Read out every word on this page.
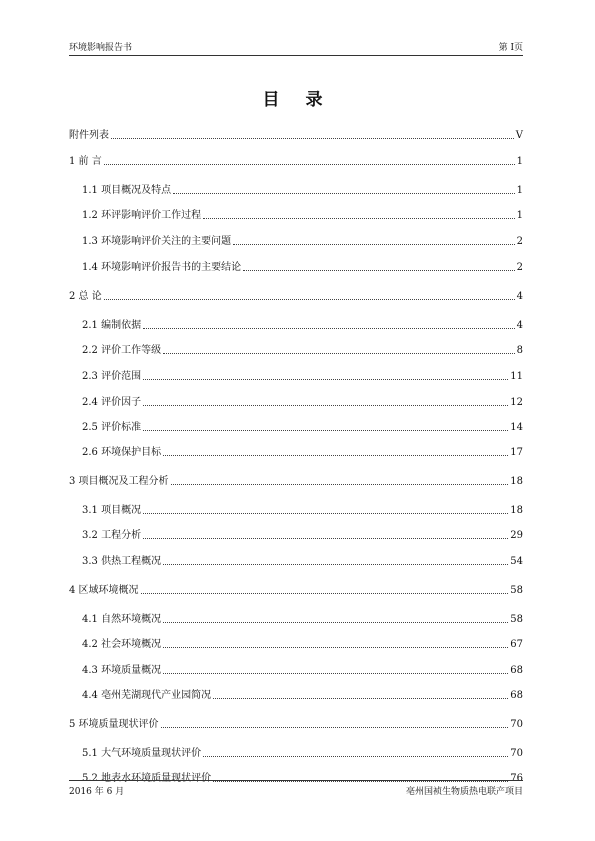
环境影响报告书	第 I页
目 录
附件列表	V
1 前 言	1
1.1 项目概况及特点	1
1.2 环评影响评价工作过程	1
1.3 环境影响评价关注的主要问题	2
1.4 环境影响评价报告书的主要结论	2
2 总 论	4
2.1 编制依据	4
2.2 评价工作等级	8
2.3 评价范围	11
2.4 评价因子	12
2.5 评价标准	14
2.6 环境保护目标	17
3 项目概况及工程分析	18
3.1 项目概况	18
3.2 工程分析	29
3.3 供热工程概况	54
4 区域环境概况	58
4.1 自然环境概况	58
4.2 社会环境概况	67
4.3 环境质量概况	68
4.4 亳州芜湖现代产业园简况	68
5 环境质量现状评价	70
5.1 大气环境质量现状评价	70
5.2 地表水环境质量现状评价	76
2016 年 6 月	亳州国祯生物质热电联产项目
